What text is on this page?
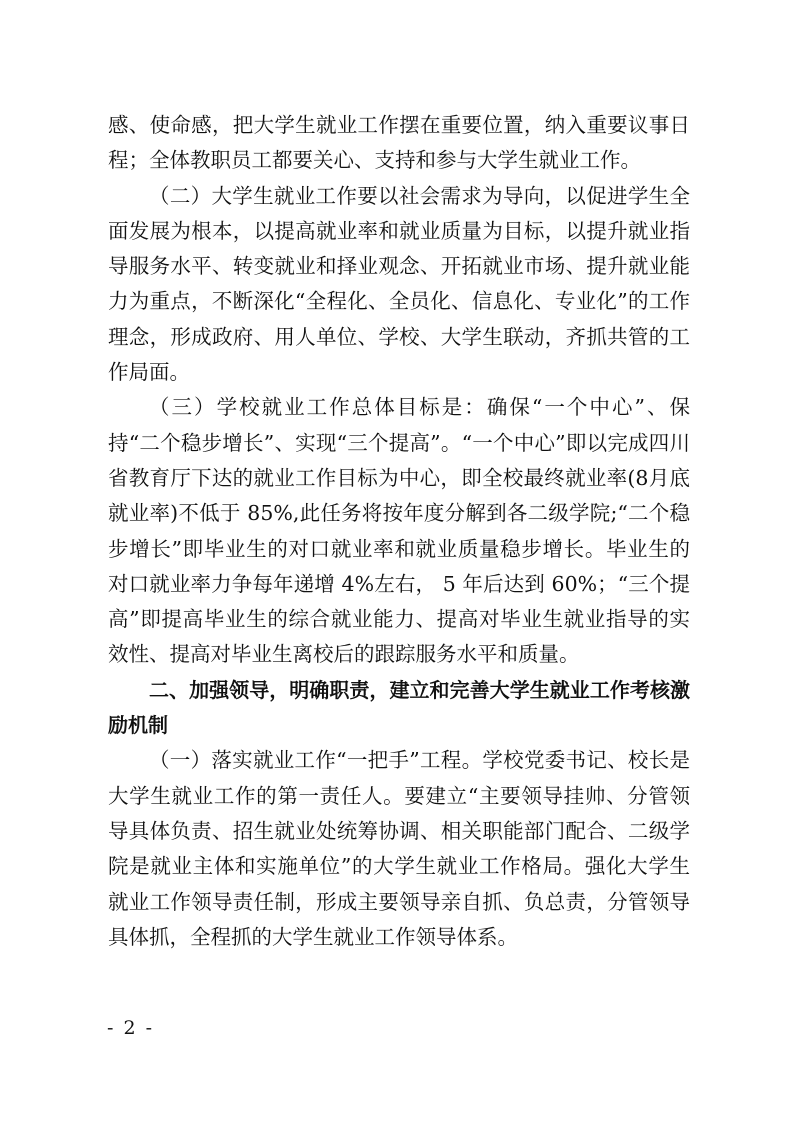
感、使命感，把大学生就业工作摆在重要位置，纳入重要议事日程；全体教职员工都要关心、支持和参与大学生就业工作。

（二）大学生就业工作要以社会需求为导向，以促进学生全面发展为根本，以提高就业率和就业质量为目标，以提升就业指导服务水平、转变就业和择业观念、开拓就业市场、提升就业能力为重点，不断深化“全程化、全员化、信息化、专业化”的工作理念，形成政府、用人单位、学校、大学生联动，齐抓共管的工作局面。

（三）学校就业工作总体目标是：确保“一个中心”、保持“二个稳步增长”、实现“三个提高”。“一个中心”即以完成四川省教育厅下达的就业工作目标为中心，即全校最终就业率(8月底就业率)不低于 85%,此任务将按年度分解到各二级学院;“二个稳步增长”即毕业生的对口就业率和就业质量稳步增长。毕业生的对口就业率力争每年递增 4%左右， 5 年后达到 60%；“三个提高”即提高毕业生的综合就业能力、提高对毕业生就业指导的实效性、提高对毕业生离校后的跟踪服务水平和质量。

二、加强领导，明确职责，建立和完善大学生就业工作考核激励机制

（一）落实就业工作“一把手”工程。学校党委书记、校长是大学生就业工作的第一责任人。要建立“主要领导挂帅、分管领导具体负责、招生就业处统筹协调、相关职能部门配合、二级学院是就业主体和实施单位”的大学生就业工作格局。强化大学生就业工作领导责任制，形成主要领导亲自抓、负总责，分管领导具体抓，全程抓的大学生就业工作领导体系。

- 2 -
